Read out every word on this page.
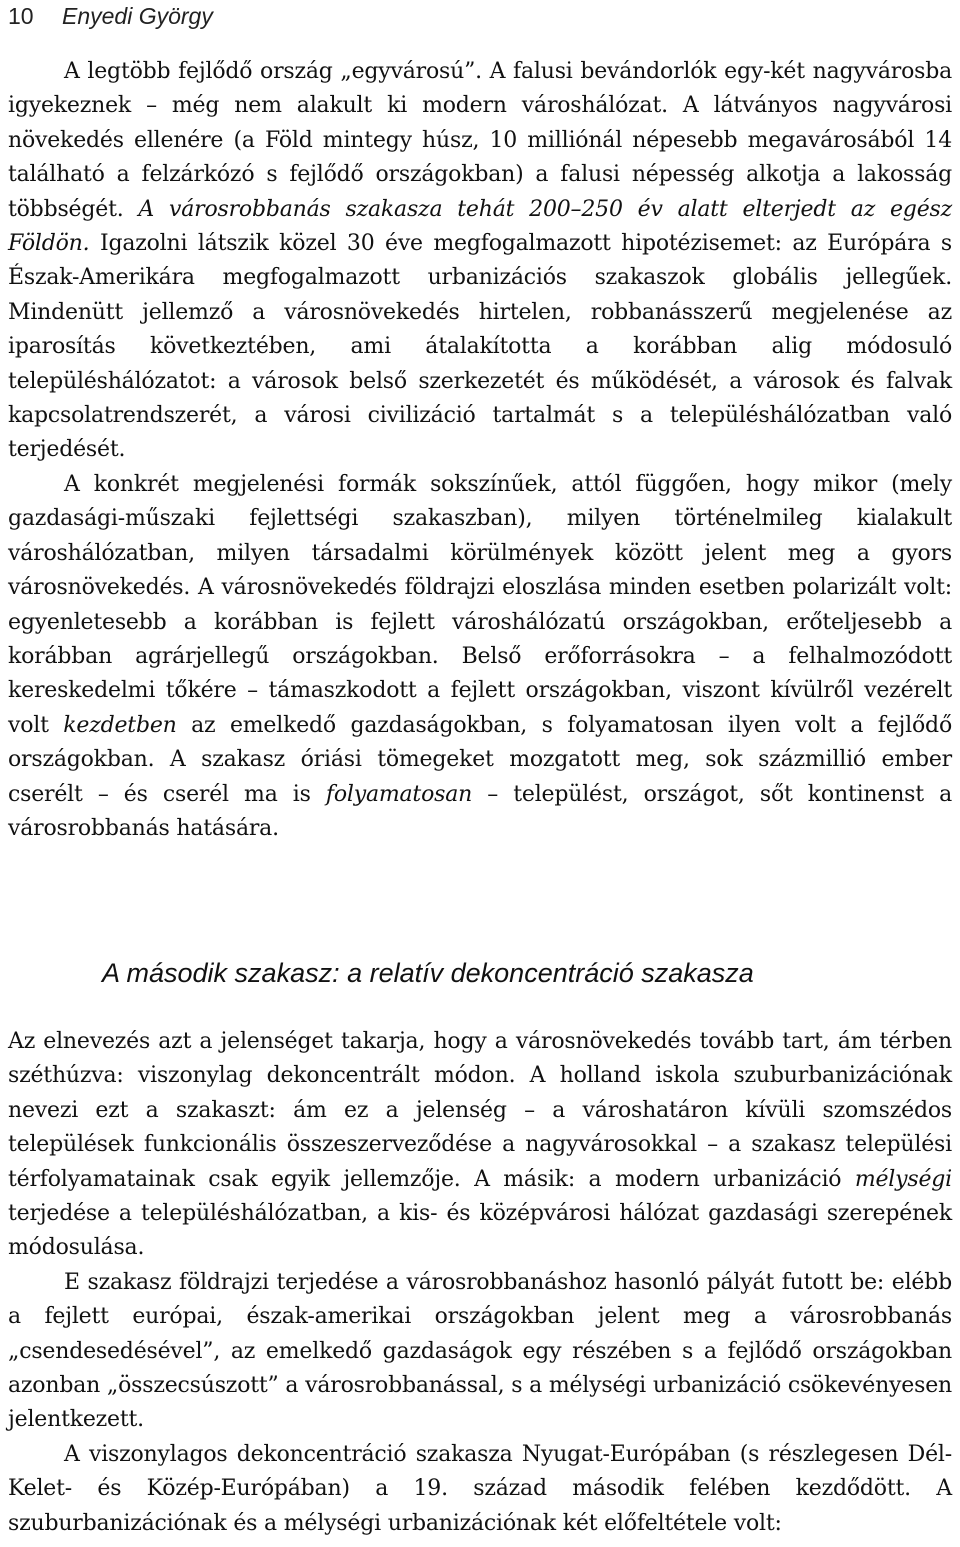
10 Enyedi György

A legtöbb fejlődő ország „egyvárosú”. A falusi bevándorlók egy-két nagyvárosba igyekeznek – még nem alakult ki modern városhálózat. A látványos nagyvárosi növekedés ellenére (a Föld mintegy húsz, 10 milliónál népesebb megavárosából 14 található a felzárkózó s fejlődő országokban) a falusi népesség alkotja a lakosság többségét. A városrobbanás szakasza tehát 200–250 év alatt elterjedt az egész Földön. Igazolni látszik közel 30 éve megfogalmazott hipotézisemet: az Európára s Észak-Amerikára megfogalmazott urbanizációs szakaszok globális jellegűek. Mindenütt jellemző a városnövekedés hirtelen, robbanásszerű megjelenése az iparosítás következtében, ami átalakította a korábban alig módosuló településhálózatot: a városok belső szerkezetét és működését, a városok és falvak kapcsolatrendszerét, a városi civilizáció tartalmát s a településhálózatban való terjedését.

A konkrét megjelenési formák sokszínűek, attól függően, hogy mikor (mely gazdasági-műszaki fejlettségi szakaszban), milyen történelmileg kialakult városhálózatban, milyen társadalmi körülmények között jelent meg a gyors városnövekedés. A városnövekedés földrajzi eloszlása minden esetben polarizált volt: egyenletesebb a korábban is fejlett városhálózatú országokban, erőteljesebb a korábban agrárjellegű országokban. Belső erőforrásokra – a felhalmozódott kereskedelmi tőkére – támaszkodott a fejlett országokban, viszont kívülről vezérelt volt kezdetben az emelkedő gazdaságokban, s folyamatosan ilyen volt a fejlődő országokban. A szakasz óriási tömegeket mozgatott meg, sok százmillió ember cserélt – és cserél ma is folyamatosan – települést, országot, sőt kontinenst a városrobbanás hatására.

A második szakasz: a relatív dekoncentráció szakasza

Az elnevezés azt a jelenséget takarja, hogy a városnövekedés tovább tart, ám térben széthúzva: viszonylag dekoncentrált módon. A holland iskola szuburbanizációnak nevezi ezt a szakaszt: ám ez a jelenség – a városhatáron kívüli szomszédos települések funkcionális összeszerveződése a nagyvárosokkal – a szakasz települési térfolyamatainak csak egyik jellemzője. A másik: a modern urbanizáció mélységi terjedése a településhálózatban, a kis- és középvárosi hálózat gazdasági szerepének módosulása.

E szakasz földrajzi terjedése a városrobbanáshoz hasonló pályát futott be: elébb a fejlett európai, észak-amerikai országokban jelent meg a városrobbanás „csendesedésével”, az emelkedő gazdaságok egy részében s a fejlődő országokban azonban „összecsúszott” a városrobbanással, s a mélységi urbanizáció csökevényesen jelentkezett.

A viszonylagos dekoncentráció szakasza Nyugat-Európában (s részlegesen Dél-Kelet- és Közép-Európában) a 19. század második felében kezdődött. A szuburbanizációnak és a mélységi urbanizációnak két előfeltétele volt:
